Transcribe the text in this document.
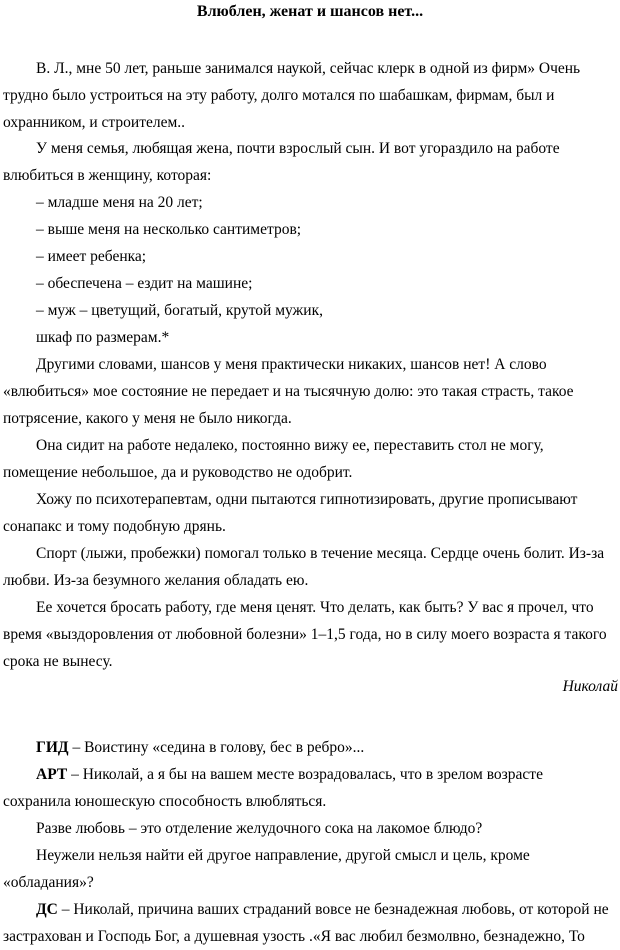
Влюблен, женат и шансов нет...
В. Л., мне 50 лет, раньше занимался наукой, сейчас клерк в одной из фирм» Очень
трудно было устроиться на эту работу, долго мотался по шабашкам, фирмам, был и
охранником, и строителем..
У меня семья, любящая жена, почти взрослый сын. И вот угораздило на работе
влюбиться в женщину, которая:
– младше меня на 20 лет;
– выше меня на несколько сантиметров;
– имеет ребенка;
– обеспечена – ездит на машине;
– муж – цветущий, богатый, крутой мужик,
шкаф по размерам.*
Другими словами, шансов у меня практически никаких, шансов нет! А слово
«влюбиться» мое состояние не передает и на тысячную долю: это такая страсть, такое
потрясение, какого у меня не было никогда.
Она сидит на работе недалеко, постоянно вижу ее, переставить стол не могу,
помещение небольшое, да и руководство не одобрит.
Хожу по психотерапевтам, одни пытаются гипнотизировать, другие прописывают
сонапакс и тому подобную дрянь.
Спорт (лыжи, пробежки) помогал только в течение месяца. Сердце очень болит. Из-за
любви. Из-за безумного желания обладать ею.
Ее хочется бросать работу, где меня ценят. Что делать, как быть? У вас я прочел, что
время «выздоровления от любовной болезни» 1–1,5 года, но в силу моего возраста я такого
срока не вынесу.
Николай
ГИД – Воистину «седина в голову, бес в ребро»...
АРТ – Николай, а я бы на вашем месте возрадовалась, что в зрелом возрасте
сохранила юношескую способность влюбляться.
Разве любовь – это отделение желудочного сока на лакомое блюдо?
Неужели нельзя найти ей другое направление, другой смысл и цель, кроме
«обладания»?
ДС – Николай, причина ваших страданий вовсе не безнадежная любовь, от которой не
застрахован и Господь Бог, а душевная узость .«Я вас любил безмолвно, безнадежно, То
